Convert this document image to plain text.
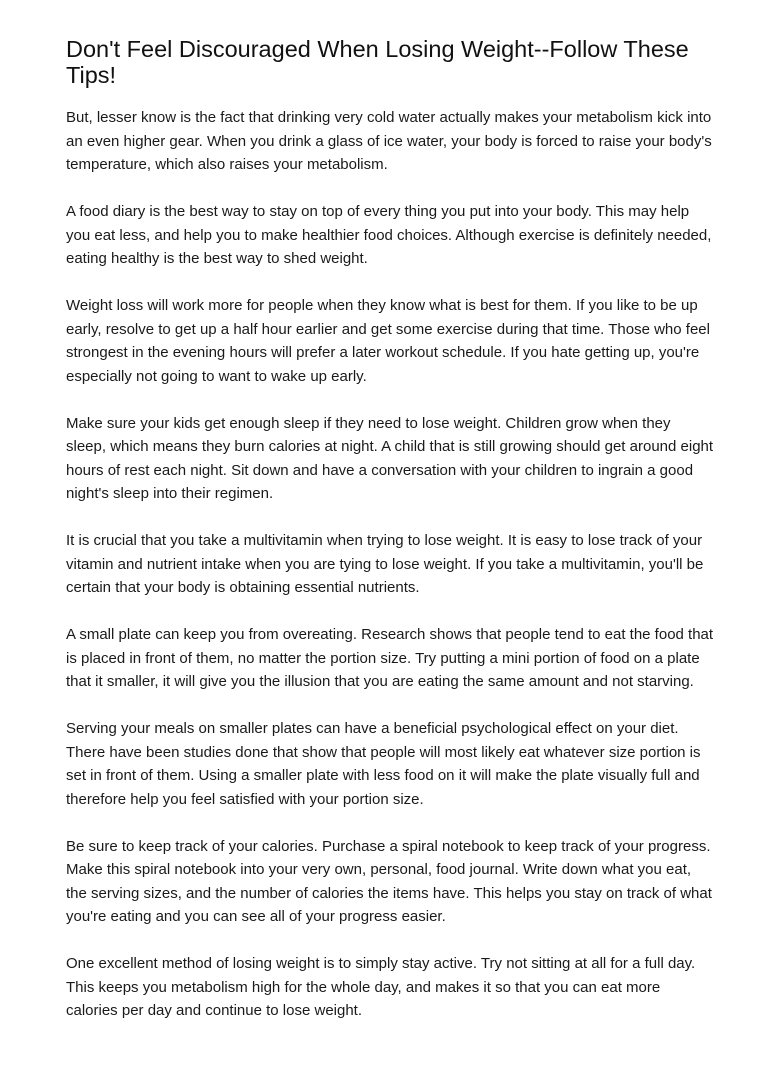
Don't Feel Discouraged When Losing Weight--Follow These Tips!

But, lesser know is the fact that drinking very cold water actually makes your metabolism kick into an even higher gear. When you drink a glass of ice water, your body is forced to raise your body's temperature, which also raises your metabolism.

A food diary is the best way to stay on top of every thing you put into your body. This may help you eat less, and help you to make healthier food choices. Although exercise is definitely needed, eating healthy is the best way to shed weight.

Weight loss will work more for people when they know what is best for them. If you like to be up early, resolve to get up a half hour earlier and get some exercise during that time. Those who feel strongest in the evening hours will prefer a later workout schedule. If you hate getting up, you're especially not going to want to wake up early.

Make sure your kids get enough sleep if they need to lose weight. Children grow when they sleep, which means they burn calories at night. A child that is still growing should get around eight hours of rest each night. Sit down and have a conversation with your children to ingrain a good night's sleep into their regimen.

It is crucial that you take a multivitamin when trying to lose weight. It is easy to lose track of your vitamin and nutrient intake when you are tying to lose weight. If you take a multivitamin, you'll be certain that your body is obtaining essential nutrients.

A small plate can keep you from overeating. Research shows that people tend to eat the food that is placed in front of them, no matter the portion size. Try putting a mini portion of food on a plate that it smaller, it will give you the illusion that you are eating the same amount and not starving.

Serving your meals on smaller plates can have a beneficial psychological effect on your diet. There have been studies done that show that people will most likely eat whatever size portion is set in front of them. Using a smaller plate with less food on it will make the plate visually full and therefore help you feel satisfied with your portion size.

Be sure to keep track of your calories. Purchase a spiral notebook to keep track of your progress. Make this spiral notebook into your very own, personal, food journal. Write down what you eat, the serving sizes, and the number of calories the items have. This helps you stay on track of what you're eating and you can see all of your progress easier.

One excellent method of losing weight is to simply stay active. Try not sitting at all for a full day. This keeps you metabolism high for the whole day, and makes it so that you can eat more calories per day and continue to lose weight.
